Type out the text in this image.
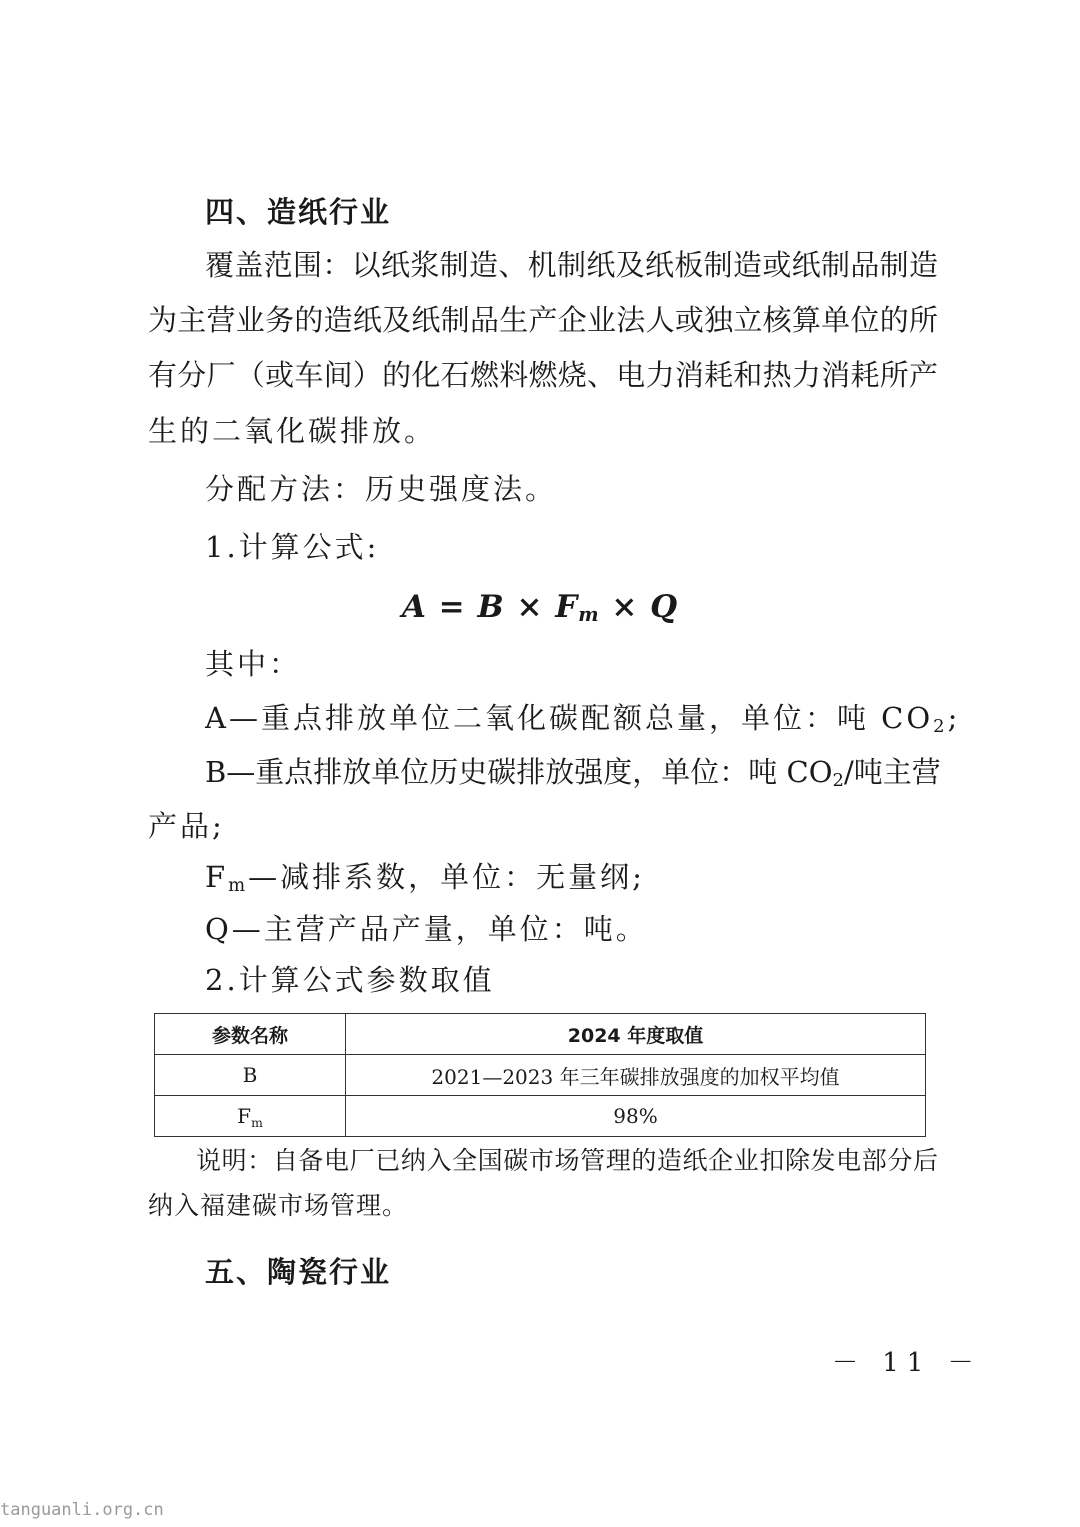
四、造纸行业
覆盖范围：以纸浆制造、机制纸及纸板制造或纸制品制造
为主营业务的造纸及纸制品生产企业法人或独立核算单位的所
有分厂（或车间）的化石燃料燃烧、电力消耗和热力消耗所产
生的二氧化碳排放。
分配方法：历史强度法。
1.计算公式:
$A = B \times F_m \times Q$
其中：
A—重点排放单位二氧化碳配额总量，单位：吨 $CO_2$;
B—重点排放单位历史碳排放强度，单位：吨 $CO_2/$吨主营
产品;
$F_m—$减排系数，单位：无量纲;
Q—主营产品产量，单位：吨。
2.计算公式参数取值
参数名称	2024 年度取值
B	2021—2023 年三年碳排放强度的加权平均值
$F_m$	98%
说明：自备电厂已纳入全国碳市场管理的造纸企业扣除发电部分后
纳入福建碳市场管理。
五、陶瓷行业
－ 11 －
tanguanli.org.cn
